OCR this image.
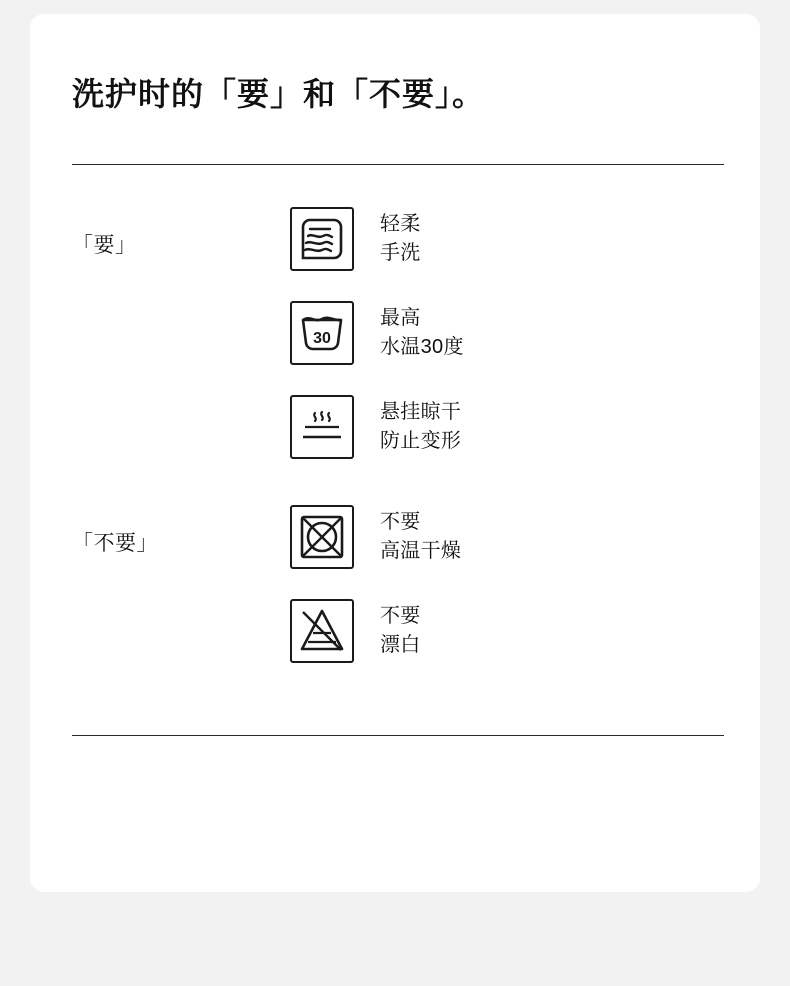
洗护时的「要」和「不要」。
「要」
轻柔
手洗
30
最高
水温30度
悬挂晾干
防止变形
「不要」
不要
高温干燥
不要
漂白
